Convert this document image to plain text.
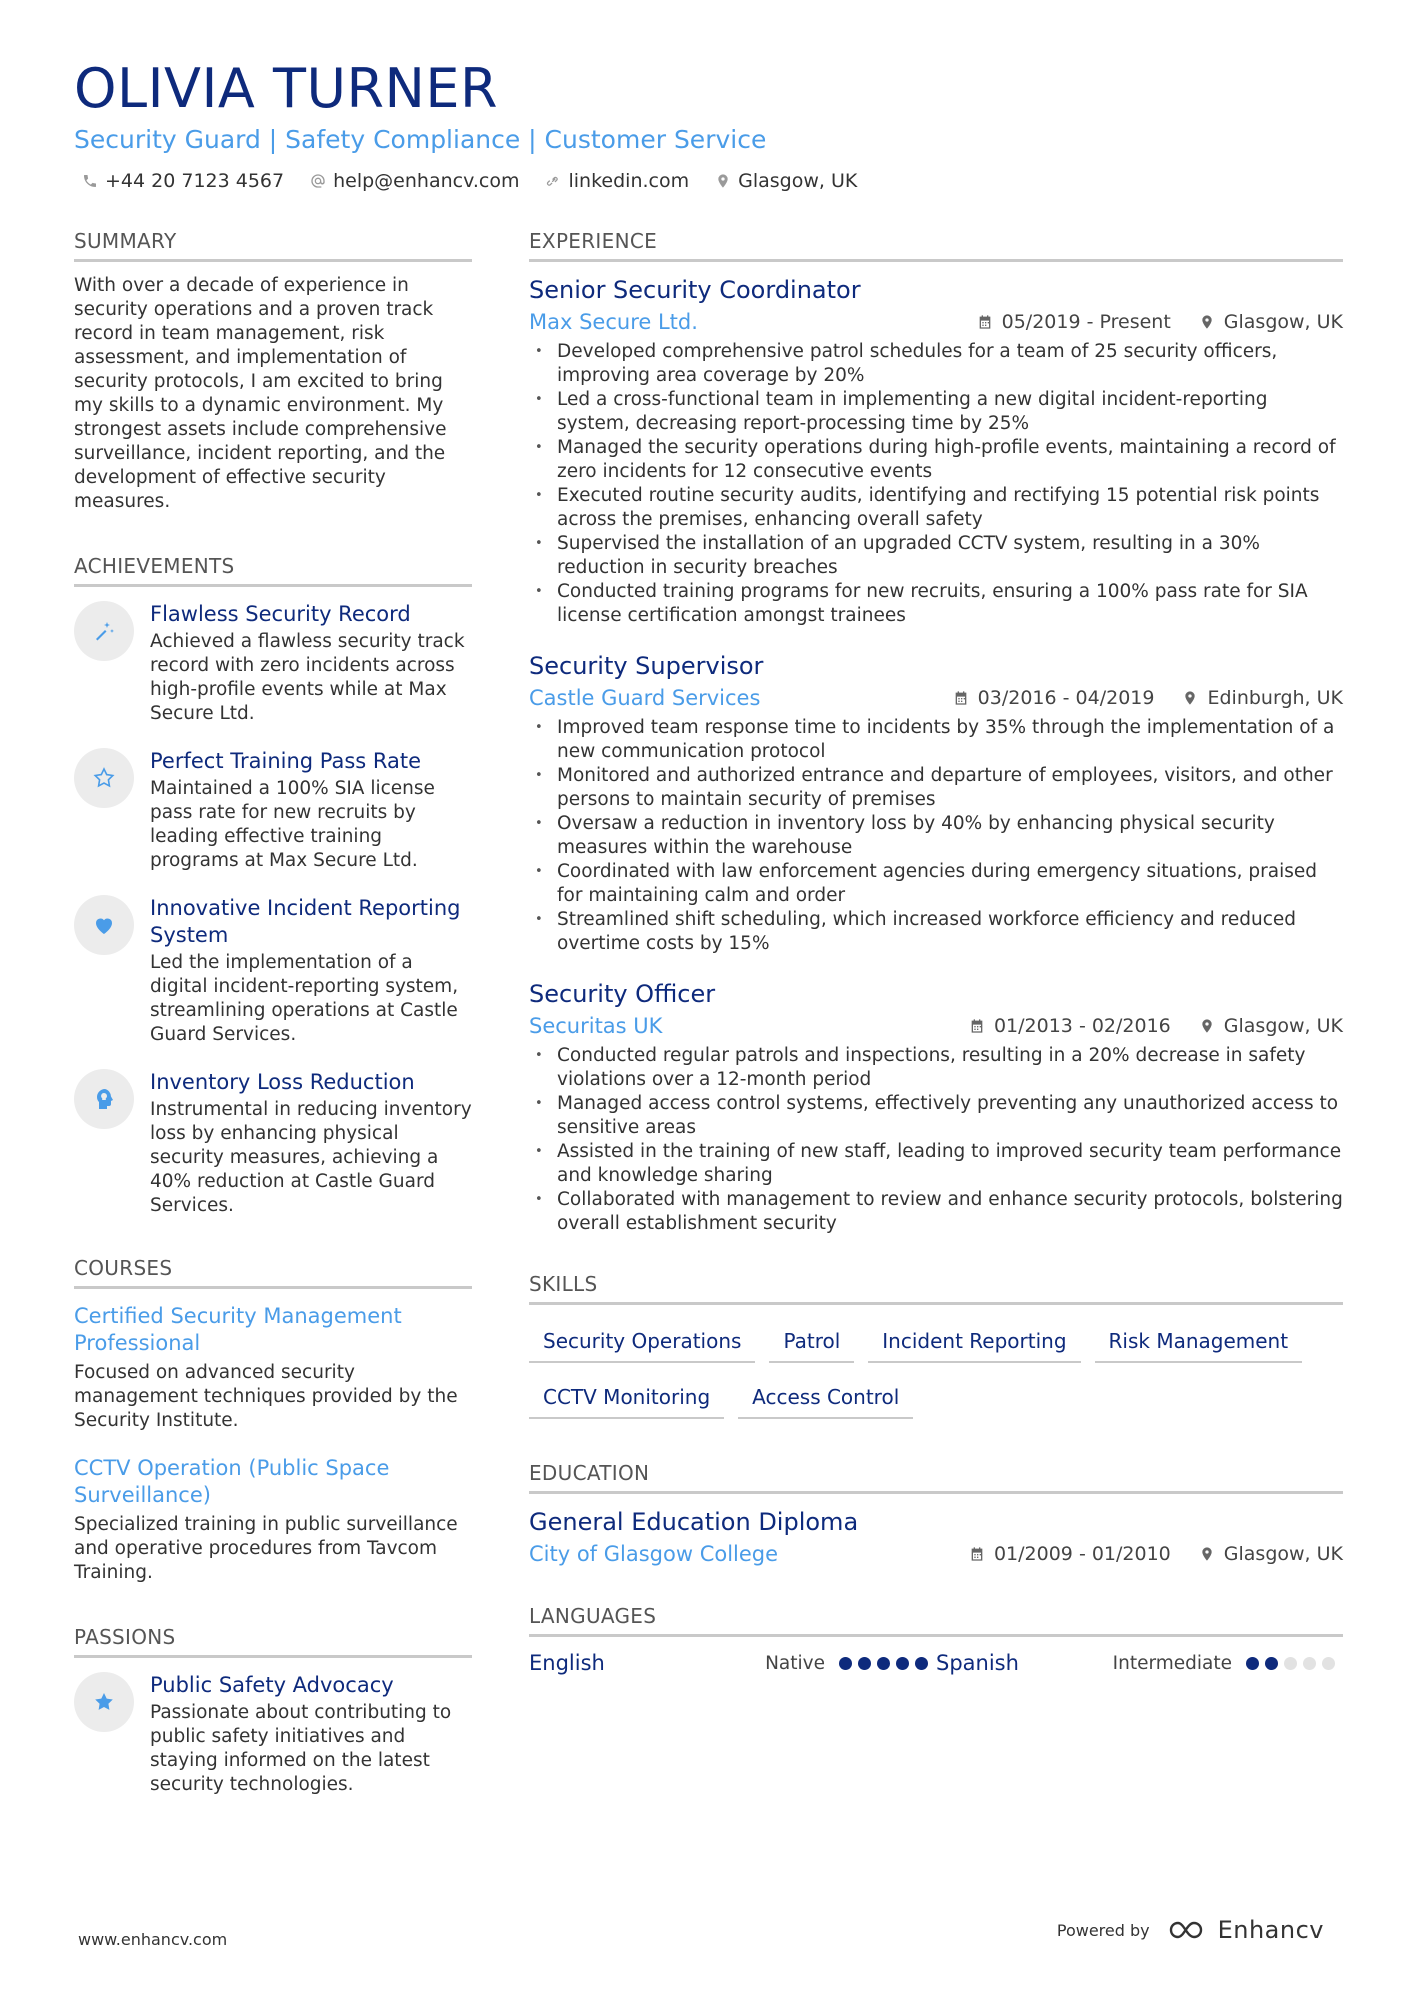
OLIVIA TURNER
Security Guard | Safety Compliance | Customer Service
+44 20 7123 4567	help@enhancv.com	linkedin.com	Glasgow, UK
SUMMARY
With over a decade of experience in security operations and a proven track record in team management, risk assessment, and implementation of security protocols, I am excited to bring my skills to a dynamic environment. My strongest assets include comprehensive surveillance, incident reporting, and the development of effective security measures.
ACHIEVEMENTS
Flawless Security Record
Achieved a flawless security track record with zero incidents across high-profile events while at Max Secure Ltd.
Perfect Training Pass Rate
Maintained a 100% SIA license pass rate for new recruits by leading effective training programs at Max Secure Ltd.
Innovative Incident Reporting System
Led the implementation of a digital incident-reporting system, streamlining operations at Castle Guard Services.
Inventory Loss Reduction
Instrumental in reducing inventory loss by enhancing physical security measures, achieving a 40% reduction at Castle Guard Services.
COURSES
Certified Security Management Professional
Focused on advanced security management techniques provided by the Security Institute.
CCTV Operation (Public Space Surveillance)
Specialized training in public surveillance and operative procedures from Tavcom Training.
PASSIONS
Public Safety Advocacy
Passionate about contributing to public safety initiatives and staying informed on the latest security technologies.
EXPERIENCE
Senior Security Coordinator
Max Secure Ltd.	05/2019 - Present	Glasgow, UK
• Developed comprehensive patrol schedules for a team of 25 security officers, improving area coverage by 20%
• Led a cross-functional team in implementing a new digital incident-reporting system, decreasing report-processing time by 25%
• Managed the security operations during high-profile events, maintaining a record of zero incidents for 12 consecutive events
• Executed routine security audits, identifying and rectifying 15 potential risk points across the premises, enhancing overall safety
• Supervised the installation of an upgraded CCTV system, resulting in a 30% reduction in security breaches
• Conducted training programs for new recruits, ensuring a 100% pass rate for SIA license certification amongst trainees
Security Supervisor
Castle Guard Services	03/2016 - 04/2019	Edinburgh, UK
• Improved team response time to incidents by 35% through the implementation of a new communication protocol
• Monitored and authorized entrance and departure of employees, visitors, and other persons to maintain security of premises
• Oversaw a reduction in inventory loss by 40% by enhancing physical security measures within the warehouse
• Coordinated with law enforcement agencies during emergency situations, praised for maintaining calm and order
• Streamlined shift scheduling, which increased workforce efficiency and reduced overtime costs by 15%
Security Officer
Securitas UK	01/2013 - 02/2016	Glasgow, UK
• Conducted regular patrols and inspections, resulting in a 20% decrease in safety violations over a 12-month period
• Managed access control systems, effectively preventing any unauthorized access to sensitive areas
• Assisted in the training of new staff, leading to improved security team performance and knowledge sharing
• Collaborated with management to review and enhance security protocols, bolstering overall establishment security
SKILLS
Security Operations	Patrol	Incident Reporting	Risk Management
CCTV Monitoring	Access Control
EDUCATION
General Education Diploma
City of Glasgow College	01/2009 - 01/2010	Glasgow, UK
LANGUAGES
English	Native	Spanish	Intermediate
www.enhancv.com	Powered by	Enhancv
